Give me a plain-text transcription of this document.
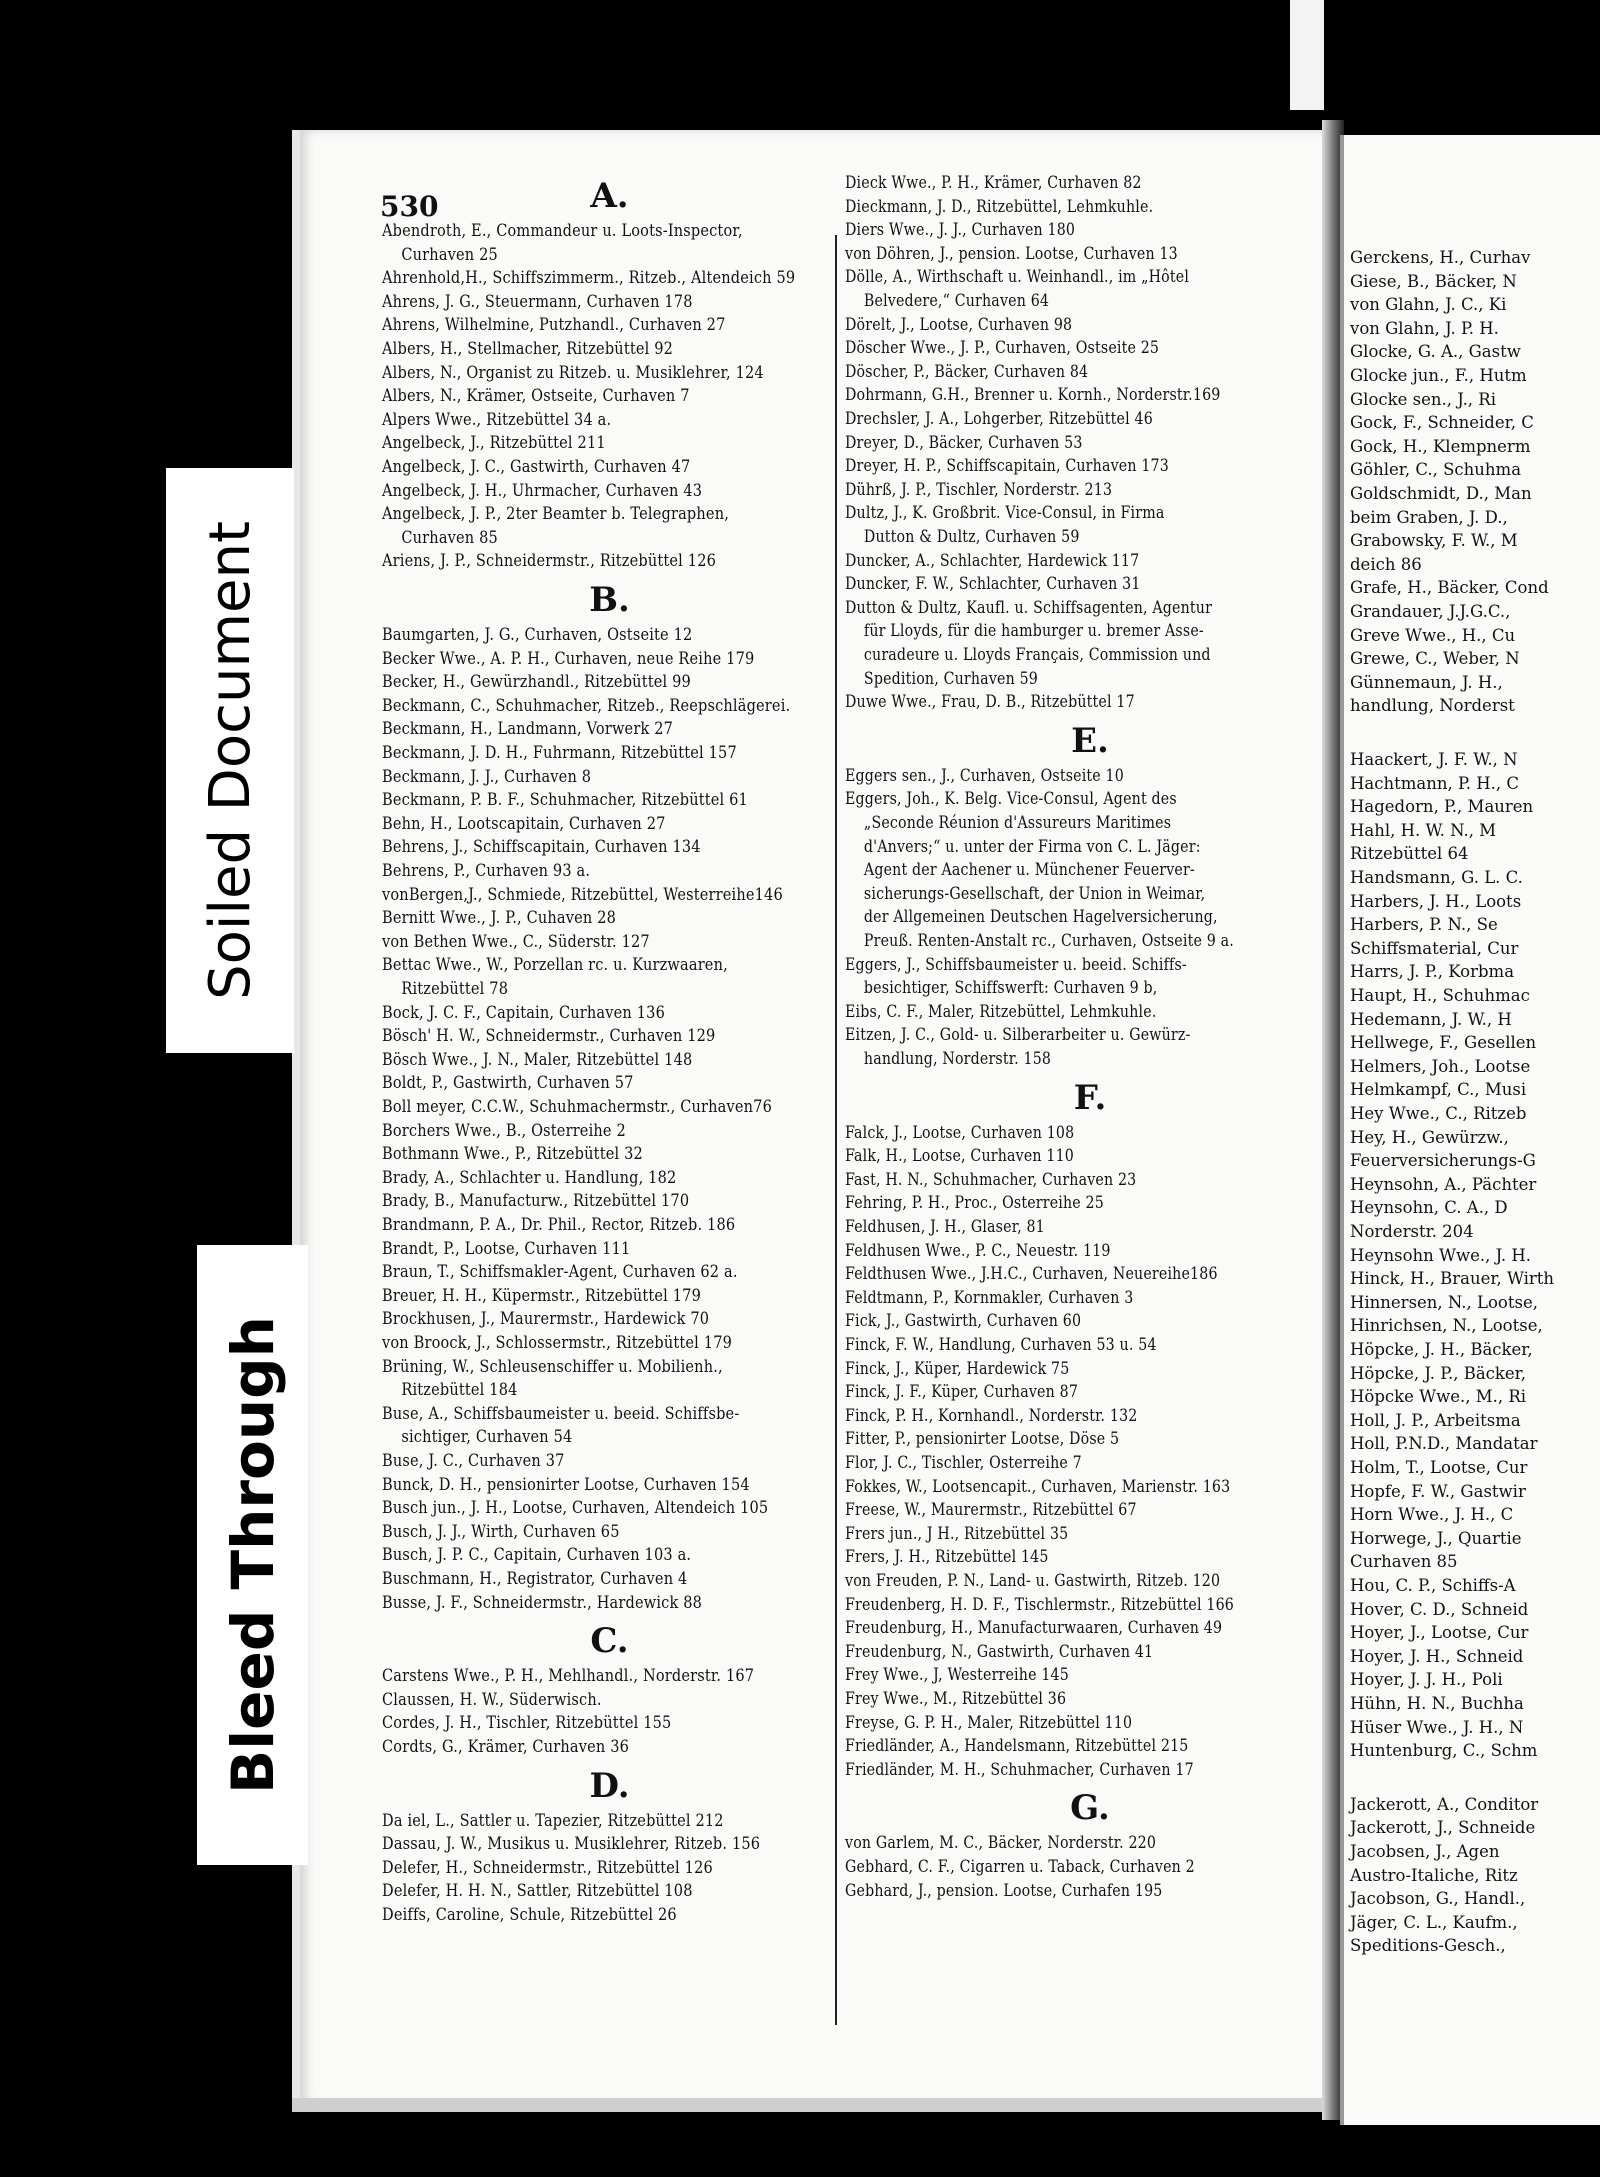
530	A.
Abendroth, E., Commandeur u. Loots-Inspector,
Curhaven 25
Ahrenhold,H., Schiffszimmerm., Ritzeb., Altendeich 59
Ahrens, J. G., Steuermann, Curhaven 178
Ahrens, Wilhelmine, Putzhandl., Curhaven 27
Albers, H., Stellmacher, Ritzebüttel 92
Albers, N., Organist zu Ritzeb. u. Musiklehrer, 124
Albers, N., Krämer, Ostseite, Curhaven 7
Alpers Wwe., Ritzebüttel 34 a.
Angelbeck, J., Ritzebüttel 211
Angelbeck, J. C., Gastwirth, Curhaven 47
Angelbeck, J. H., Uhrmacher, Curhaven 43
Angelbeck, J. P., 2ter Beamter b. Telegraphen,
Curhaven 85
Ariens, J. P., Schneidermstr., Ritzebüttel 126
B.
Baumgarten, J. G., Curhaven, Ostseite 12
Becker Wwe., A. P. H., Curhaven, neue Reihe 179
Becker, H., Gewürzhandl., Ritzebüttel 99
Beckmann, C., Schuhmacher, Ritzeb., Reepschlägerei.
Beckmann, H., Landmann, Vorwerk 27
Beckmann, J. D. H., Fuhrmann, Ritzebüttel 157
Beckmann, J. J., Curhaven 8
Beckmann, P. B. F., Schuhmacher, Ritzebüttel 61
Behn, H., Lootscapitain, Curhaven 27
Behrens, J., Schiffscapitain, Curhaven 134
Behrens, P., Curhaven 93 a.
vonBergen,J., Schmiede, Ritzebüttel, Westerreihe146
Bernitt Wwe., J. P., Cuhaven 28
von Bethen Wwe., C., Süderstr. 127
Bettac Wwe., W., Porzellan rc. u. Kurzwaaren,
Ritzebüttel 78
Bock, J. C. F., Capitain, Curhaven 136
Bösch' H. W., Schneidermstr., Curhaven 129
Bösch Wwe., J. N., Maler, Ritzebüttel 148
Boldt, P., Gastwirth, Curhaven 57
Boll meyer, C.C.W., Schuhmachermstr., Curhaven76
Borchers Wwe., B., Osterreihe 2
Bothmann Wwe., P., Ritzebüttel 32
Brady, A., Schlachter u. Handlung, 182
Brady, B., Manufacturw., Ritzebüttel 170
Brandmann, P. A., Dr. Phil., Rector, Ritzeb. 186
Brandt, P., Lootse, Curhaven 111
Braun, T., Schiffsmakler-Agent, Curhaven 62 a.
Breuer, H. H., Küpermstr., Ritzebüttel 179
Brockhusen, J., Maurermstr., Hardewick 70
von Broock, J., Schlossermstr., Ritzebüttel 179
Brüning, W., Schleusenschiffer u. Mobilienh.,
Ritzebüttel 184
Buse, A., Schiffsbaumeister u. beeid. Schiffsbe-
sichtiger, Curhaven 54
Buse, J. C., Curhaven 37
Bunck, D. H., pensionirter Lootse, Curhaven 154
Busch jun., J. H., Lootse, Curhaven, Altendeich 105
Busch, J. J., Wirth, Curhaven 65
Busch, J. P. C., Capitain, Curhaven 103 a.
Buschmann, H., Registrator, Curhaven 4
Busse, J. F., Schneidermstr., Hardewick 88
C.
Carstens Wwe., P. H., Mehlhandl., Norderstr. 167
Claussen, H. W., Süderwisch.
Cordes, J. H., Tischler, Ritzebüttel 155
Cordts, G., Krämer, Curhaven 36
D.
Da iel, L., Sattler u. Tapezier, Ritzebüttel 212
Dassau, J. W., Musikus u. Musiklehrer, Ritzeb. 156
Delefer, H., Schneidermstr., Ritzebüttel 126
Delefer, H. H. N., Sattler, Ritzebüttel 108
Deiffs, Caroline, Schule, Ritzebüttel 26
Dieck Wwe., P. H., Krämer, Curhaven 82
Dieckmann, J. D., Ritzebüttel, Lehmkuhle.
Diers Wwe., J. J., Curhaven 180
von Döhren, J., pension. Lootse, Curhaven 13
Dölle, A., Wirthschaft u. Weinhandl., im „Hôtel
Belvedere,“ Curhaven 64
Dörelt, J., Lootse, Curhaven 98
Döscher Wwe., J. P., Curhaven, Ostseite 25
Döscher, P., Bäcker, Curhaven 84
Dohrmann, G.H., Brenner u. Kornh., Norderstr.169
Drechsler, J. A., Lohgerber, Ritzebüttel 46
Dreyer, D., Bäcker, Curhaven 53
Dreyer, H. P., Schiffscapitain, Curhaven 173
Dührß, J. P., Tischler, Norderstr. 213
Dultz, J., K. Großbrit. Vice-Consul, in Firma
Dutton & Dultz, Curhaven 59
Duncker, A., Schlachter, Hardewick 117
Duncker, F. W., Schlachter, Curhaven 31
Dutton & Dultz, Kaufl. u. Schiffsagenten, Agentur
für Lloyds, für die hamburger u. bremer Asse-
curadeure u. Lloyds Français, Commission und
Spedition, Curhaven 59
Duwe Wwe., Frau, D. B., Ritzebüttel 17
E.
Eggers sen., J., Curhaven, Ostseite 10
Eggers, Joh., K. Belg. Vice-Consul, Agent des
„Seconde Réunion d'Assureurs Maritimes
d'Anvers;“ u. unter der Firma von C. L. Jäger:
Agent der Aachener u. Münchener Feuerver-
sicherungs-Gesellschaft, der Union in Weimar,
der Allgemeinen Deutschen Hagelversicherung,
Preuß. Renten-Anstalt rc., Curhaven, Ostseite 9 a.
Eggers, J., Schiffsbaumeister u. beeid. Schiffs-
besichtiger, Schiffswerft: Curhaven 9 b,
Eibs, C. F., Maler, Ritzebüttel, Lehmkuhle.
Eitzen, J. C., Gold- u. Silberarbeiter u. Gewürz-
handlung, Norderstr. 158
F.
Falck, J., Lootse, Curhaven 108
Falk, H., Lootse, Curhaven 110
Fast, H. N., Schuhmacher, Curhaven 23
Fehring, P. H., Proc., Osterreihe 25
Feldhusen, J. H., Glaser, 81
Feldhusen Wwe., P. C., Neuestr. 119
Feldthusen Wwe., J.H.C., Curhaven, Neuereihe186
Feldtmann, P., Kornmakler, Curhaven 3
Fick, J., Gastwirth, Curhaven 60
Finck, F. W., Handlung, Curhaven 53 u. 54
Finck, J., Küper, Hardewick 75
Finck, J. F., Küper, Curhaven 87
Finck, P. H., Kornhandl., Norderstr. 132
Fitter, P., pensionirter Lootse, Döse 5
Flor, J. C., Tischler, Osterreihe 7
Fokkes, W., Lootsencapit., Curhaven, Marienstr. 163
Freese, W., Maurermstr., Ritzebüttel 67
Frers jun., J H., Ritzebüttel 35
Frers, J. H., Ritzebüttel 145
von Freuden, P. N., Land- u. Gastwirth, Ritzeb. 120
Freudenberg, H. D. F., Tischlermstr., Ritzebüttel 166
Freudenburg, H., Manufacturwaaren, Curhaven 49
Freudenburg, N., Gastwirth, Curhaven 41
Frey Wwe., J, Westerreihe 145
Frey Wwe., M., Ritzebüttel 36
Freyse, G. P. H., Maler, Ritzebüttel 110
Friedländer, A., Handelsmann, Ritzebüttel 215
Friedländer, M. H., Schuhmacher, Curhaven 17
G.
von Garlem, M. C., Bäcker, Norderstr. 220
Gebhard, C. F., Cigarren u. Taback, Curhaven 2
Gebhard, J., pension. Lootse, Curhafen 195
Gerckens, H., Curhav
Giese, B., Bäcker, N
von Glahn, J. C., Ki
von Glahn, J. P. H.
Glocke, G. A., Gastw
Glocke jun., F., Hutm
Glocke sen., J., Ri
Gock, F., Schneider, C
Gock, H., Klempnerm
Göhler, C., Schuhma
Goldschmidt, D., Man
beim Graben, J. D.,
Grabowsky, F. W., M
deich 86
Grafe, H., Bäcker, Cond
Grandauer, J.J.G.C.,
Greve Wwe., H., Cu
Grewe, C., Weber, N
Günnemaun, J. H.,
handlung, Norderst
Haackert, J. F. W., N
Hachtmann, P. H., C
Hagedorn, P., Mauren
Hahl, H. W. N., M
Ritzebüttel 64
Handsmann, G. L. C.
Harbers, J. H., Loots
Harbers, P. N., Se
Schiffsmaterial, Cur
Harrs, J. P., Korbma
Haupt, H., Schuhmac
Hedemann, J. W., H
Hellwege, F., Gesellen
Helmers, Joh., Lootse
Helmkampf, C., Musi
Hey Wwe., C., Ritzeb
Hey, H., Gewürzw.,
Feuerversicherungs-G
Heynsohn, A., Pächter
Heynsohn, C. A., D
Norderstr. 204
Heynsohn Wwe., J. H.
Hinck, H., Brauer, Wirth
Hinnersen, N., Lootse,
Hinrichsen, N., Lootse,
Höpcke, J. H., Bäcker,
Höpcke, J. P., Bäcker,
Höpcke Wwe., M., Ri
Holl, J. P., Arbeitsma
Holl, P.N.D., Mandatar
Holm, T., Lootse, Cur
Hopfe, F. W., Gastwir
Horn Wwe., J. H., C
Horwege, J., Quartie
Curhaven 85
Hou, C. P., Schiffs-A
Hover, C. D., Schneid
Hoyer, J., Lootse, Cur
Hoyer, J. H., Schneid
Hoyer, J. J. H., Poli
Hühn, H. N., Buchha
Hüser Wwe., J. H., N
Huntenburg, C., Schm
Jackerott, A., Conditor
Jackerott, J., Schneide
Jacobsen, J., Agen
Austro-Italiche, Ritz
Jacobson, G., Handl.,
Jäger, C. L., Kaufm.,
Speditions-Gesch.,
Soiled Document
Bleed Through
